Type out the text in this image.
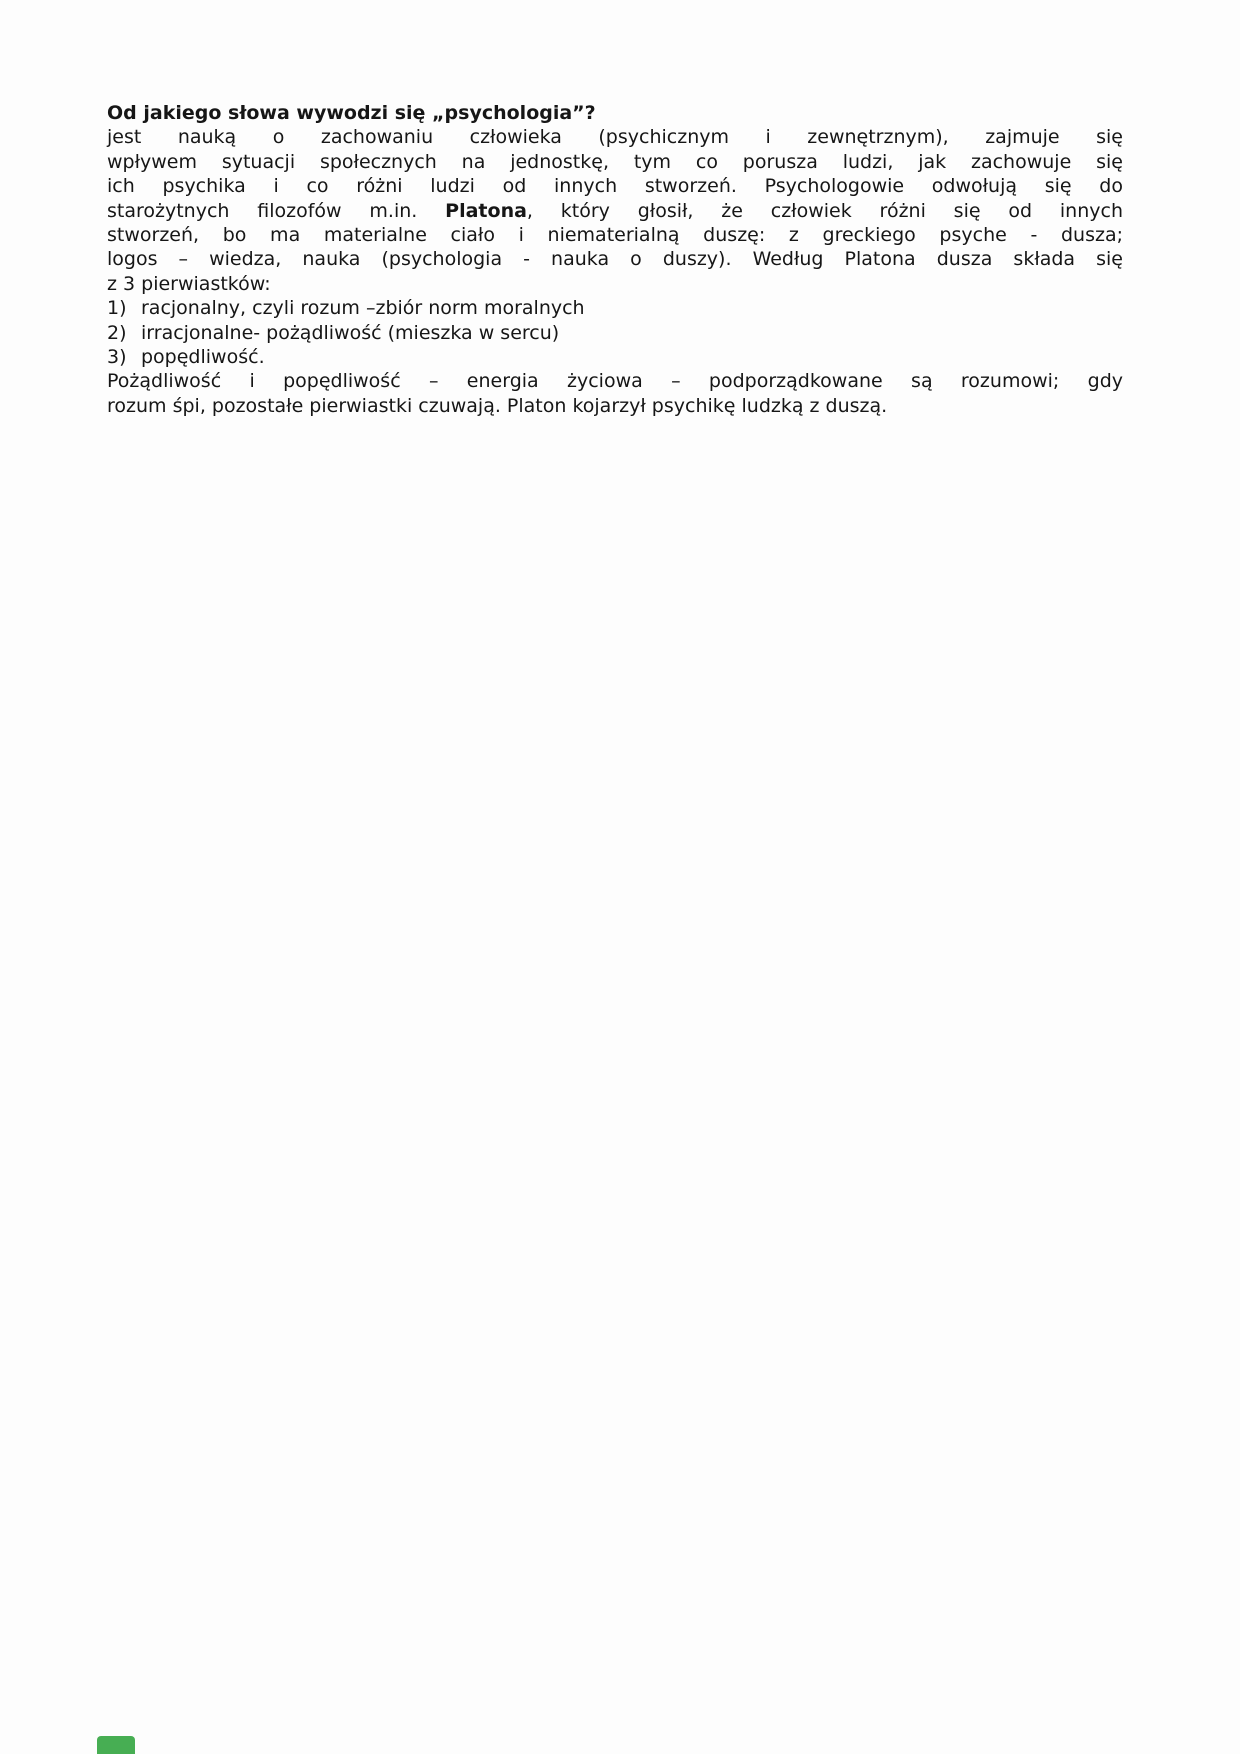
Od jakiego słowa wywodzi się „psychologia”?
jest nauką o zachowaniu człowieka (psychicznym i zewnętrznym), zajmuje się
wpływem sytuacji społecznych na jednostkę, tym co porusza ludzi, jak zachowuje się
ich psychika i co różni ludzi od innych stworzeń. Psychologowie odwołują się do
starożytnych filozofów m.in. Platona, który głosił, że człowiek różni się od innych
stworzeń, bo ma materialne ciało i niematerialną duszę: z greckiego psyche - dusza;
logos – wiedza, nauka (psychologia - nauka o duszy). Według Platona dusza składa się
z 3 pierwiastków:
1) racjonalny, czyli rozum –zbiór norm moralnych
2) irracjonalne- pożądliwość (mieszka w sercu)
3) popędliwość.
Pożądliwość i popędliwość – energia życiowa – podporządkowane są rozumowi; gdy
rozum śpi, pozostałe pierwiastki czuwają. Platon kojarzył psychikę ludzką z duszą.
